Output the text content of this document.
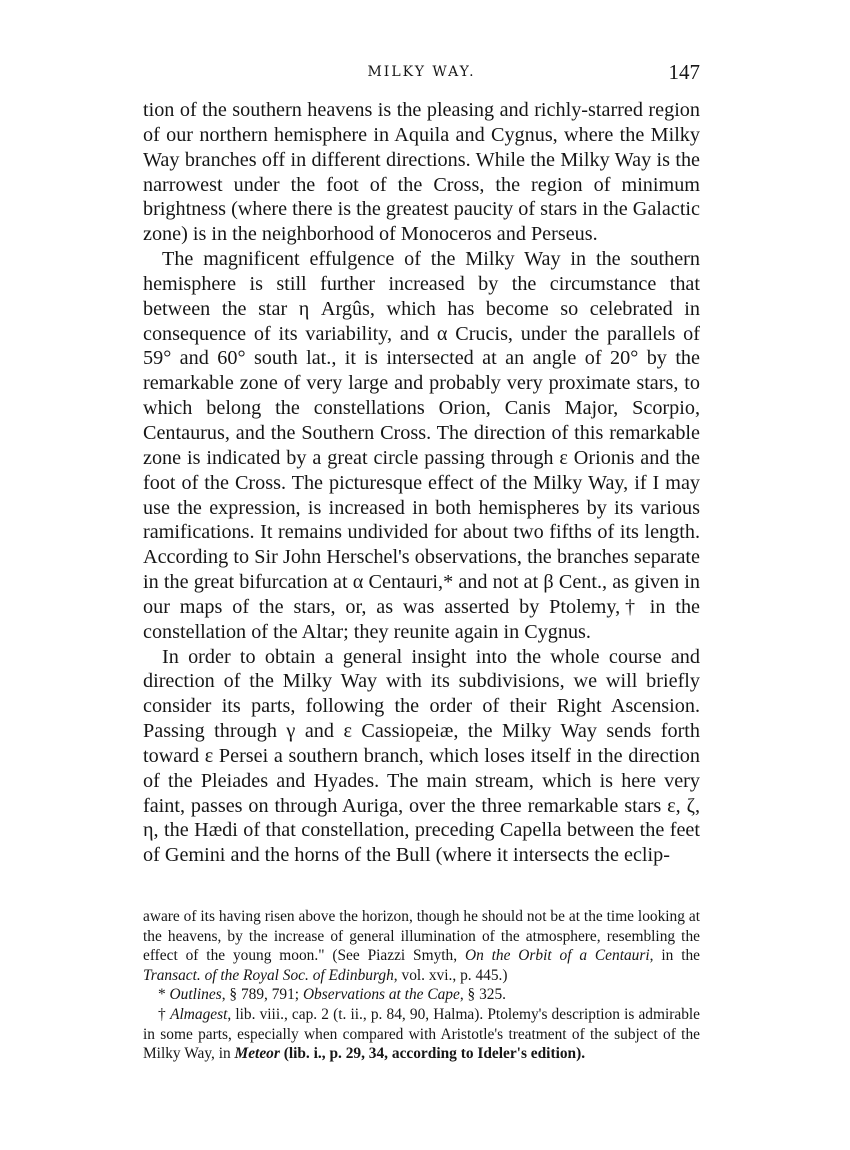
MILKY WAY.	147

tion of the southern heavens is the pleasing and richly-starred region of our northern hemisphere in Aquila and Cygnus, where the Milky Way branches off in different directions. While the Milky Way is the narrowest under the foot of the Cross, the region of minimum brightness (where there is the greatest paucity of stars in the Galactic zone) is in the neighborhood of Monoceros and Perseus.

The magnificent effulgence of the Milky Way in the southern hemisphere is still further increased by the circumstance that between the star η Argûs, which has become so celebrated in consequence of its variability, and α Crucis, under the parallels of 59° and 60° south lat., it is intersected at an angle of 20° by the remarkable zone of very large and probably very proximate stars, to which belong the constellations Orion, Canis Major, Scorpio, Centaurus, and the Southern Cross. The direction of this remarkable zone is indicated by a great circle passing through ε Orionis and the foot of the Cross. The picturesque effect of the Milky Way, if I may use the expression, is increased in both hemispheres by its various ramifications. It remains undivided for about two fifths of its length. According to Sir John Herschel's observations, the branches separate in the great bifurcation at α Centauri,* and not at β Cent., as given in our maps of the stars, or, as was asserted by Ptolemy,† in the constellation of the Altar; they reunite again in Cygnus.

In order to obtain a general insight into the whole course and direction of the Milky Way with its subdivisions, we will briefly consider its parts, following the order of their Right Ascension. Passing through γ and ε Cassiopeiæ, the Milky Way sends forth toward ε Persei a southern branch, which loses itself in the direction of the Pleiades and Hyades. The main stream, which is here very faint, passes on through Auriga, over the three remarkable stars ε, ζ, η, the Hædi of that constellation, preceding Capella between the feet of Gemini and the horns of the Bull (where it intersects the eclip-

aware of its having risen above the horizon, though he should not be at the time looking at the heavens, by the increase of general illumination of the atmosphere, resembling the effect of the young moon." (See Piazzi Smyth, On the Orbit of a Centauri, in the Transact. of the Royal Soc. of Edinburgh, vol. xvi., p. 445.)

* Outlines, § 789, 791; Observations at the Cape, § 325.

† Almagest, lib. viii., cap. 2 (t. ii., p. 84, 90, Halma). Ptolemy's description is admirable in some parts, especially when compared with Aristotle's treatment of the subject of the Milky Way, in Meteor (lib. i., p. 29, 34, according to Ideler's edition).
